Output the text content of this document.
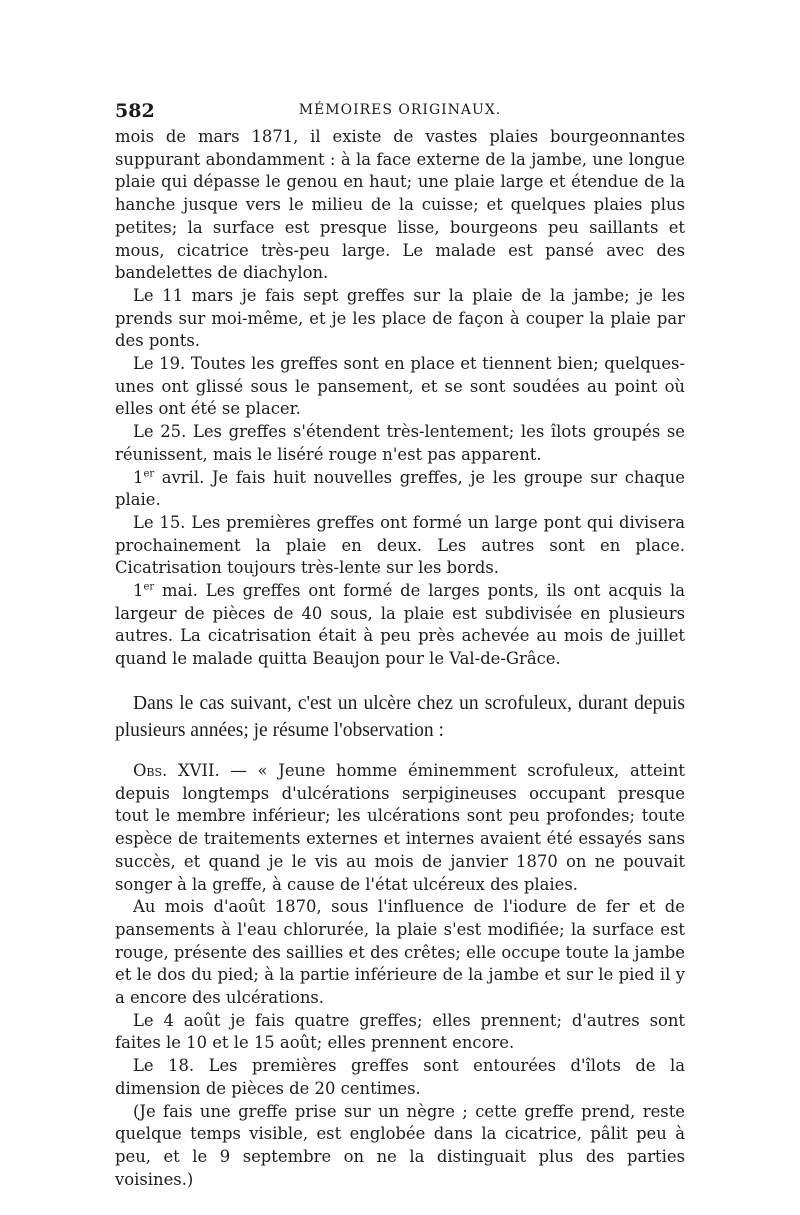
582	MÉMOIRES ORIGINAUX.

mois de mars 1871, il existe de vastes plaies bourgeonnantes suppurant abondamment : à la face externe de la jambe, une longue plaie qui dépasse le genou en haut; une plaie large et étendue de la hanche jusque vers le milieu de la cuisse; et quelques plaies plus petites; la surface est presque lisse, bourgeons peu saillants et mous, cicatrice très-peu large. Le malade est pansé avec des bandelettes de diachylon.

Le 11 mars je fais sept greffes sur la plaie de la jambe; je les prends sur moi-même, et je les place de façon à couper la plaie par des ponts.

Le 19. Toutes les greffes sont en place et tiennent bien; quelques-unes ont glissé sous le pansement, et se sont soudées au point où elles ont été se placer.

Le 25. Les greffes s'étendent très-lentement; les îlots groupés se réunissent, mais le liséré rouge n'est pas apparent.

1er avril. Je fais huit nouvelles greffes, je les groupe sur chaque plaie.

Le 15. Les premières greffes ont formé un large pont qui divisera prochainement la plaie en deux. Les autres sont en place. Cicatrisation toujours très-lente sur les bords.

1er mai. Les greffes ont formé de larges ponts, ils ont acquis la largeur de pièces de 40 sous, la plaie est subdivisée en plusieurs autres. La cicatrisation était à peu près achevée au mois de juillet quand le malade quitta Beaujon pour le Val-de-Grâce.

Dans le cas suivant, c'est un ulcère chez un scrofuleux, durant depuis plusieurs années; je résume l'observation :

Obs. XVII. — « Jeune homme éminemment scrofuleux, atteint depuis longtemps d'ulcérations serpigineuses occupant presque tout le membre inférieur; les ulcérations sont peu profondes; toute espèce de traitements externes et internes avaient été essayés sans succès, et quand je le vis au mois de janvier 1870 on ne pouvait songer à la greffe, à cause de l'état ulcéreux des plaies.

Au mois d'août 1870, sous l'influence de l'iodure de fer et de pansements à l'eau chlorurée, la plaie s'est modifiée; la surface est rouge, présente des saillies et des crêtes; elle occupe toute la jambe et le dos du pied; à la partie inférieure de la jambe et sur le pied il y a encore des ulcérations.

Le 4 août je fais quatre greffes; elles prennent; d'autres sont faites le 10 et le 15 août; elles prennent encore.

Le 18. Les premières greffes sont entourées d'îlots de la dimension de pièces de 20 centimes.

(Je fais une greffe prise sur un nègre ; cette greffe prend, reste quelque temps visible, est englobée dans la cicatrice, pâlit peu à peu, et le 9 septembre on ne la distinguait plus des parties voisines.)
